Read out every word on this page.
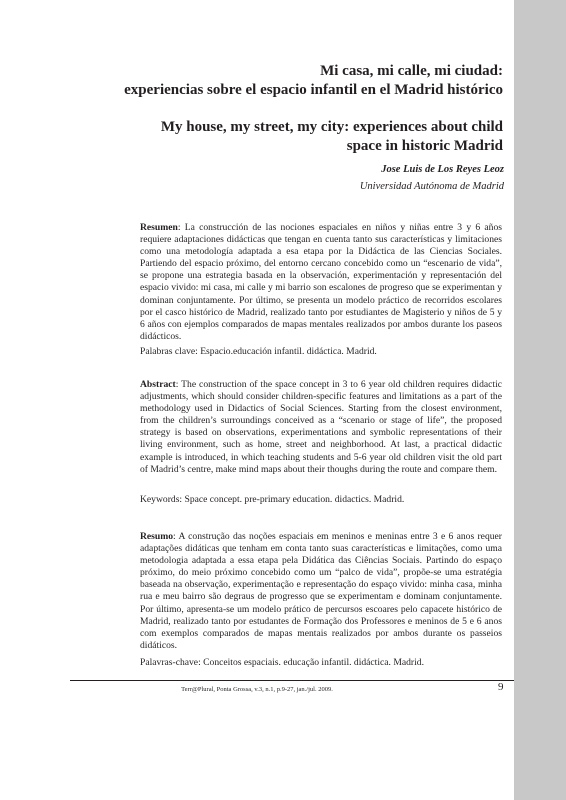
Mi casa, mi calle, mi ciudad:
experiencias sobre el espacio infantil en el Madrid histórico
My house, my street, my city: experiences about child
space in historic Madrid
Jose Luis de Los Reyes Leoz
Universidad Autónoma de Madrid
Resumen: La construcción de las nociones espaciales en niños y niñas entre 3 y 6 años requiere adaptaciones didácticas que tengan en cuenta tanto sus características y limitaciones como una metodología adaptada a esa etapa por la Didáctica de las Ciencias Sociales. Partiendo del espacio próximo, del entorno cercano concebido como un “escenario de vida”, se propone una estrategia basada en la observación, experimentación y representación del espacio vivido: mi casa, mi calle y mi barrio son escalones de progreso que se experimentan y dominan conjuntamente. Por último, se presenta un modelo práctico de recorridos escolares por el casco histórico de Madrid, realizado tanto por estudiantes de Magisterio y niños de 5 y 6 años con ejemplos comparados de mapas mentales realizados por ambos durante los paseos didácticos.
Palabras clave: Espacio.educación infantil. didáctica. Madrid.
Abstract: The construction of the space concept in 3 to 6 year old children requires didactic adjustments, which should consider children-specific features and limitations as a part of the methodology used in Didactics of Social Sciences. Starting from the closest environment, from the children’s surroundings conceived as a “scenario or stage of life”, the proposed strategy is based on observations, experimentations and symbolic representations of their living environment, such as home, street and neighborhood. At last, a practical didactic example is introduced, in which teaching students and 5-6 year old children visit the old part of Madrid’s centre, make mind maps about their thoughs during the route and compare them.
Keywords: Space concept. pre-primary education. didactics. Madrid.
Resumo: A construção das noções espaciais em meninos e meninas entre 3 e 6 anos requer adaptações didáticas que tenham em conta tanto suas características e limitações, como uma metodologia adaptada a essa etapa pela Didática das Ciências Sociais. Partindo do espaço próximo, do meio próximo concebido como um “palco de vida”, propõe-se uma estratégia baseada na observação, experimentação e representação do espaço vivido: minha casa, minha rua e meu bairro são degraus de progresso que se experimentam e dominam conjuntamente. Por último, apresenta-se um modelo prático de percursos escoares pelo capacete histórico de Madrid, realizado tanto por estudantes de Formação dos Professores e meninos de 5 e 6 anos com exemplos comparados de mapas mentais realizados por ambos durante os passeios didáticos.
Palavras-chave: Conceitos espaciais. educação infantil. didáctica. Madrid.
Terr@Plural, Ponta Grossa, v.3, n.1, p.9-27, jan./jul. 2009.	9
